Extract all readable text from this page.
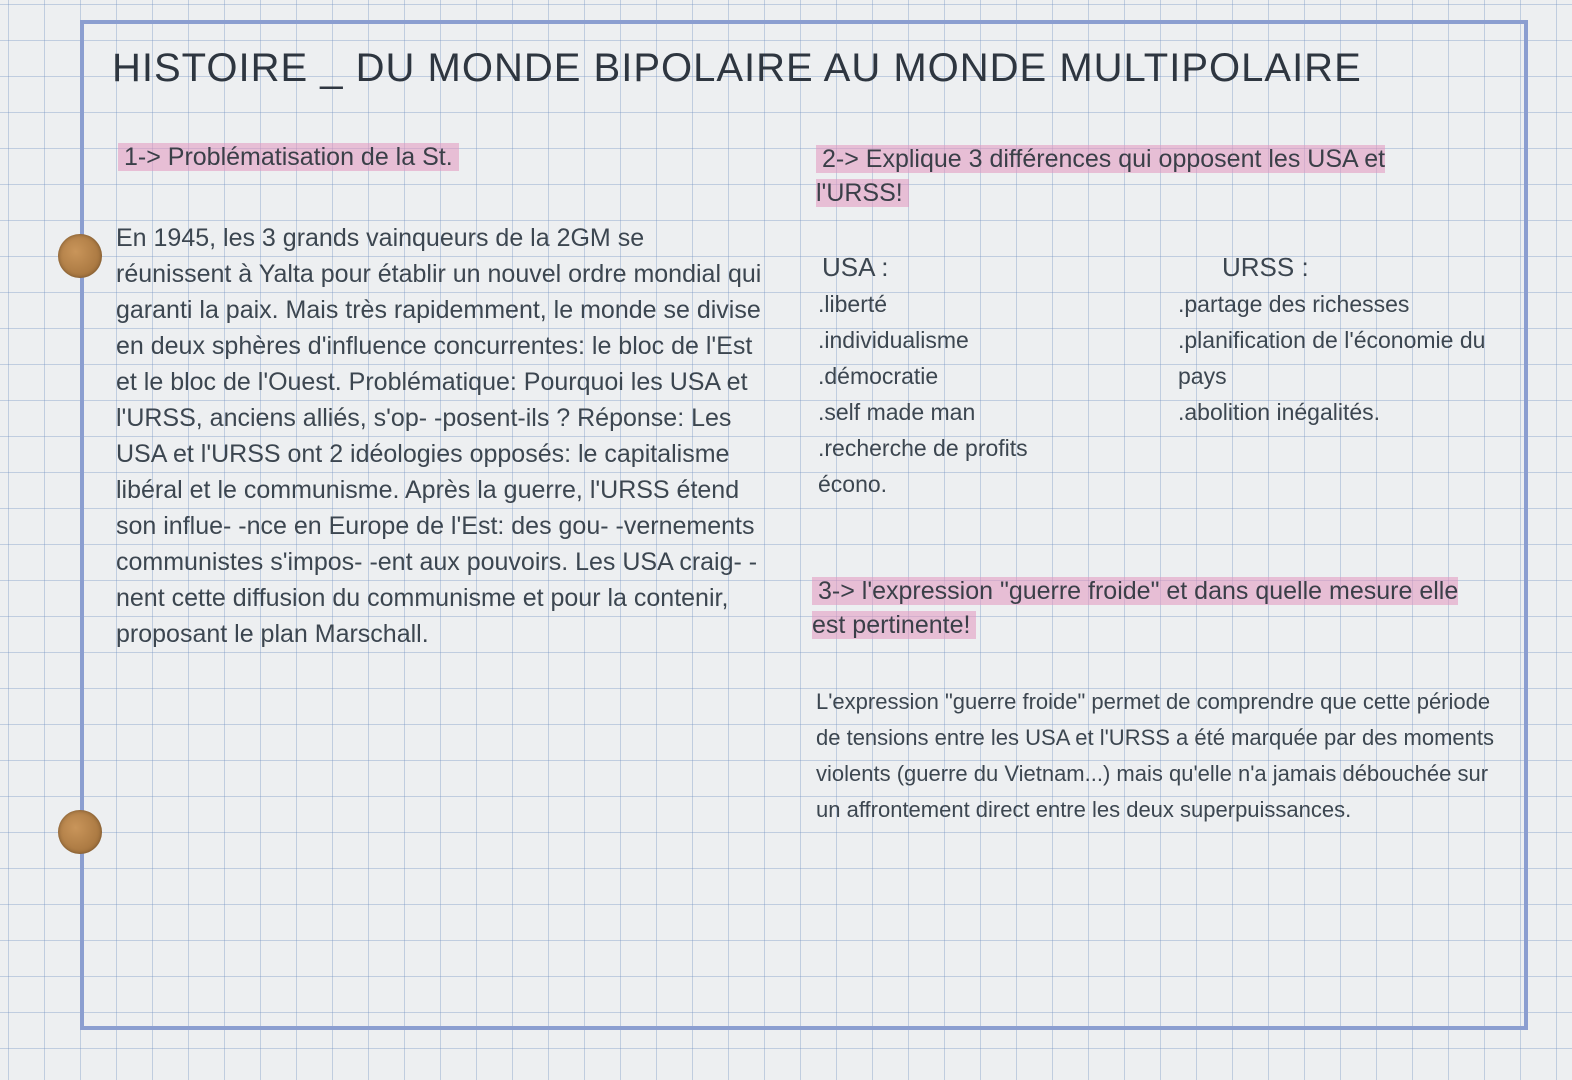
HISTOIRE _ DU MONDE BIPOLAIRE AU MONDE MULTIPOLAIRE
1-> Problématisation de la St.

En 1945, les 3 grands vainqueurs de la 2GM se réunissent à Yalta pour établir un nouvel ordre mondial qui garanti la paix. Mais très rapidemment, le monde se divise en deux sphères d'influence concurrentes: le bloc de l'Est et le bloc de l'Ouest. Problématique: Pourquoi les USA et l'URSS, anciens alliés, s'op- -posent-ils ? Réponse: Les USA et l'URSS ont 2 idéologies opposés: le capitalisme libéral et le communisme. Après la guerre, l'URSS étend son influe- -nce en Europe de l'Est: des gou- -vernements communistes s'impos- -ent aux pouvoirs. Les USA craig- -nent cette diffusion du communisme et pour la contenir, proposant le plan Marschall.

2-> Explique 3 différences qui opposent les USA et l'URSS!
USA :
.liberté
.individualisme
.démocratie
.self made man
.recherche de profits écono.
URSS :
.partage des richesses
.planification de l'économie du pays
.abolition inégalités.
3-> l'expression "guerre froide" et dans quelle mesure elle est pertinente!

L'expression "guerre froide" permet de comprendre que cette période de tensions entre les USA et l'URSS a été marquée par des moments violents (guerre du Vietnam...) mais qu'elle n'a jamais débouchée sur un affrontement direct entre les deux superpuissances.
